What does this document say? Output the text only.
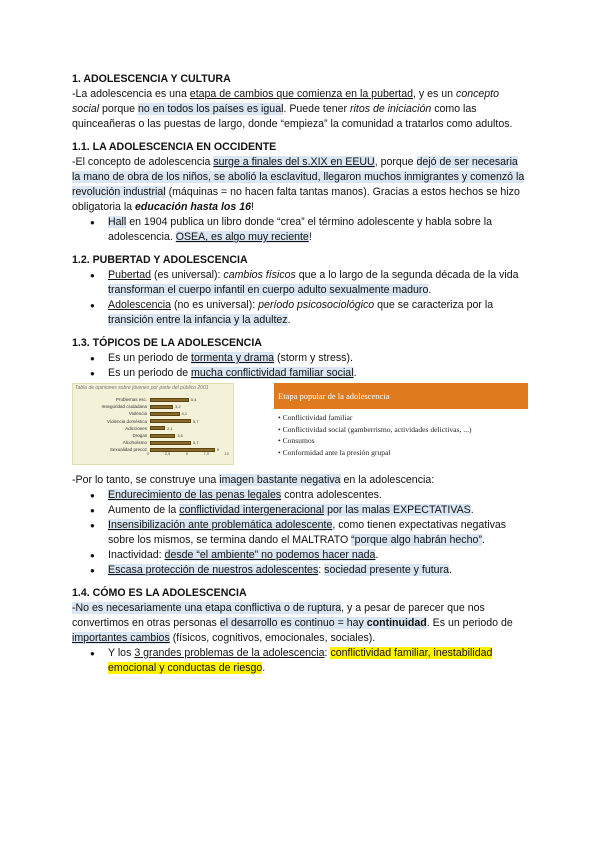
1. ADOLESCENCIA Y CULTURA

-La adolescencia es una etapa de cambios que comienza en la pubertad, y es un concepto social porque no en todos los países es igual. Puede tener ritos de iniciación como las quinceañeras o las puestas de largo, donde “empieza” la comunidad a tratarlos como adultos.

1.1. LA ADOLESCENCIA EN OCCIDENTE

-El concepto de adolescencia surge a finales del s.XIX en EEUU, porque dejó de ser necesaria la mano de obra de los niños, se abolió la esclavitud, llegaron muchos inmigrantes y comenzó la revolución industrial (máquinas = no hacen falta tantas manos). Gracias a estos hechos se hizo obligatoria la educación hasta los 16!

● Hall en 1904 publica un libro donde “crea” el término adolescente y habla sobre la adolescencia. OSEA, es algo muy reciente!
1.2. PUBERTAD Y ADOLESCENCIA
● Pubertad (es universal): cambios físicos que a lo largo de la segunda década de la vida transforman el cuerpo infantil en cuerpo adulto sexualmente maduro.
● Adolescencia (no es universal): período psicosociológico que se caracteriza por la transición entre la infancia y la adultez.
1.3. TÓPICOS DE LA ADOLESCENCIA
● Es un periodo de tormenta y drama (storm y stress).
● Es un periodo de mucha conflictividad familiar social.
Tabla de opiniones sobre jóvenes por parte del público 2001
Problemas esc.	5,4
Inseguridad ciudadana	3,2
Violencia	4,1
Violencia doméstica	5,7
Adicciones	2,1
Drogas	3,5
Alcoholismo	5,7
Sexualidad precoz	9
0	2,5	5	7,5	10
Etapa popular de la adolescencia
• Conflictividad familiar
• Conflictividad social (gamberrismo, actividades delictivas, ...)
• Consumos
• Conformidad ante la presión grupal

-Por lo tanto, se construye una imagen bastante negativa en la adolescencia:

● Endurecimiento de las penas legales contra adolescentes.
● Aumento de la conflictividad intergeneracional por las malas EXPECTATIVAS.
● Insensibilización ante problemática adolescente, como tienen expectativas negativas sobre los mismos, se termina dando el MALTRATO “porque algo habrán hecho”.
● Inactividad: desde “el ambiente” no podemos hacer nada.
● Escasa protección de nuestros adolescentes: sociedad presente y futura.
1.4. CÓMO ES LA ADOLESCENCIA

-No es necesariamente una etapa conflictiva o de ruptura, y a pesar de parecer que nos convertimos en otras personas el desarrollo es continuo = hay continuidad. Es un periodo de importantes cambios (físicos, cognitivos, emocionales, sociales).

● Y los 3 grandes problemas de la adolescencia: conflictividad familiar, inestabilidad emocional y conductas de riesgo.
